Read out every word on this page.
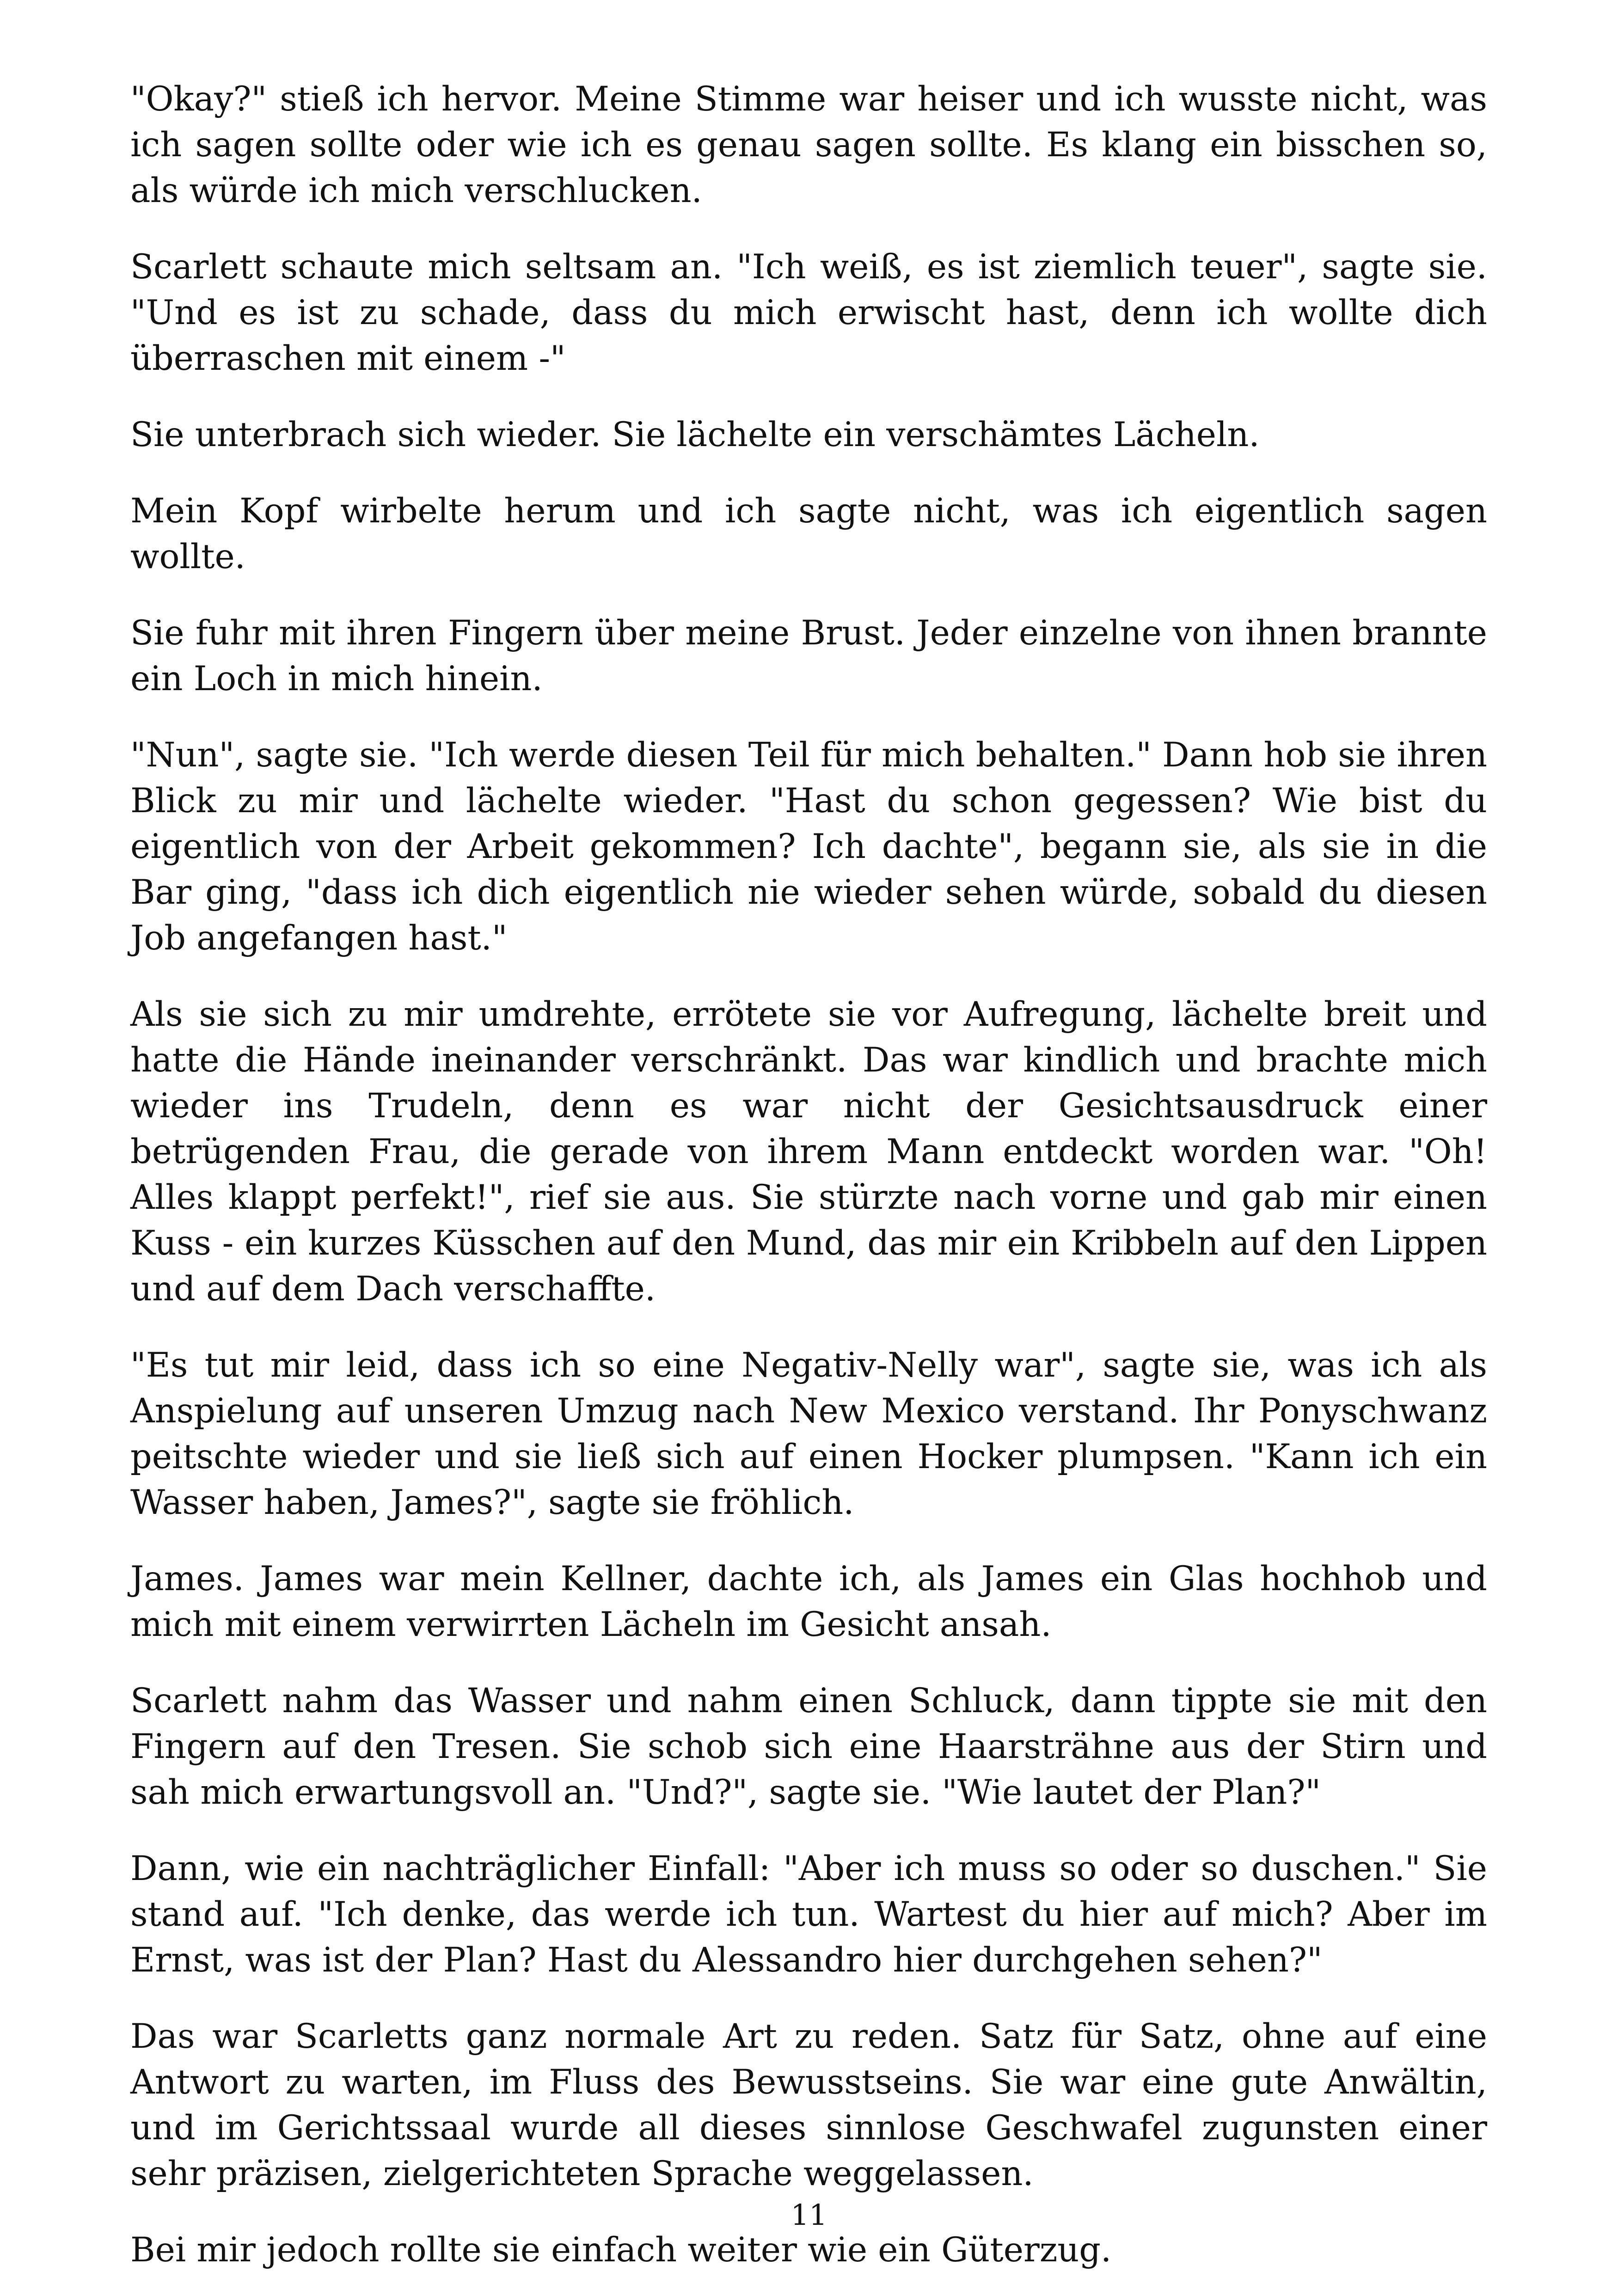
"Okay?" stieß ich hervor. Meine Stimme war heiser und ich wusste nicht, was ich sagen sollte oder wie ich es genau sagen sollte. Es klang ein bisschen so, als würde ich mich verschlucken.

Scarlett schaute mich seltsam an. "Ich weiß, es ist ziemlich teuer", sagte sie. "Und es ist zu schade, dass du mich erwischt hast, denn ich wollte dich überraschen mit einem -"

Sie unterbrach sich wieder. Sie lächelte ein verschämtes Lächeln.

Mein Kopf wirbelte herum und ich sagte nicht, was ich eigentlich sagen wollte.

Sie fuhr mit ihren Fingern über meine Brust. Jeder einzelne von ihnen brannte ein Loch in mich hinein.

"Nun", sagte sie. "Ich werde diesen Teil für mich behalten." Dann hob sie ihren Blick zu mir und lächelte wieder. "Hast du schon gegessen? Wie bist du eigentlich von der Arbeit gekommen? Ich dachte", begann sie, als sie in die Bar ging, "dass ich dich eigentlich nie wieder sehen würde, sobald du diesen Job angefangen hast."

Als sie sich zu mir umdrehte, errötete sie vor Aufregung, lächelte breit und hatte die Hände ineinander verschränkt. Das war kindlich und brachte mich wieder ins Trudeln, denn es war nicht der Gesichtsausdruck einer betrügenden Frau, die gerade von ihrem Mann entdeckt worden war. "Oh! Alles klappt perfekt!", rief sie aus. Sie stürzte nach vorne und gab mir einen Kuss - ein kurzes Küsschen auf den Mund, das mir ein Kribbeln auf den Lippen und auf dem Dach verschaffte.

"Es tut mir leid, dass ich so eine Negativ-Nelly war", sagte sie, was ich als Anspielung auf unseren Umzug nach New Mexico verstand. Ihr Ponyschwanz peitschte wieder und sie ließ sich auf einen Hocker plumpsen. "Kann ich ein Wasser haben, James?", sagte sie fröhlich.

James. James war mein Kellner, dachte ich, als James ein Glas hochhob und mich mit einem verwirrten Lächeln im Gesicht ansah.

Scarlett nahm das Wasser und nahm einen Schluck, dann tippte sie mit den Fingern auf den Tresen. Sie schob sich eine Haarsträhne aus der Stirn und sah mich erwartungsvoll an. "Und?", sagte sie. "Wie lautet der Plan?"

Dann, wie ein nachträglicher Einfall: "Aber ich muss so oder so duschen." Sie stand auf. "Ich denke, das werde ich tun. Wartest du hier auf mich? Aber im Ernst, was ist der Plan? Hast du Alessandro hier durchgehen sehen?"

Das war Scarletts ganz normale Art zu reden. Satz für Satz, ohne auf eine Antwort zu warten, im Fluss des Bewusstseins. Sie war eine gute Anwältin, und im Gerichtssaal wurde all dieses sinnlose Geschwafel zugunsten einer sehr präzisen, zielgerichteten Sprache weggelassen.

Bei mir jedoch rollte sie einfach weiter wie ein Güterzug.

11
